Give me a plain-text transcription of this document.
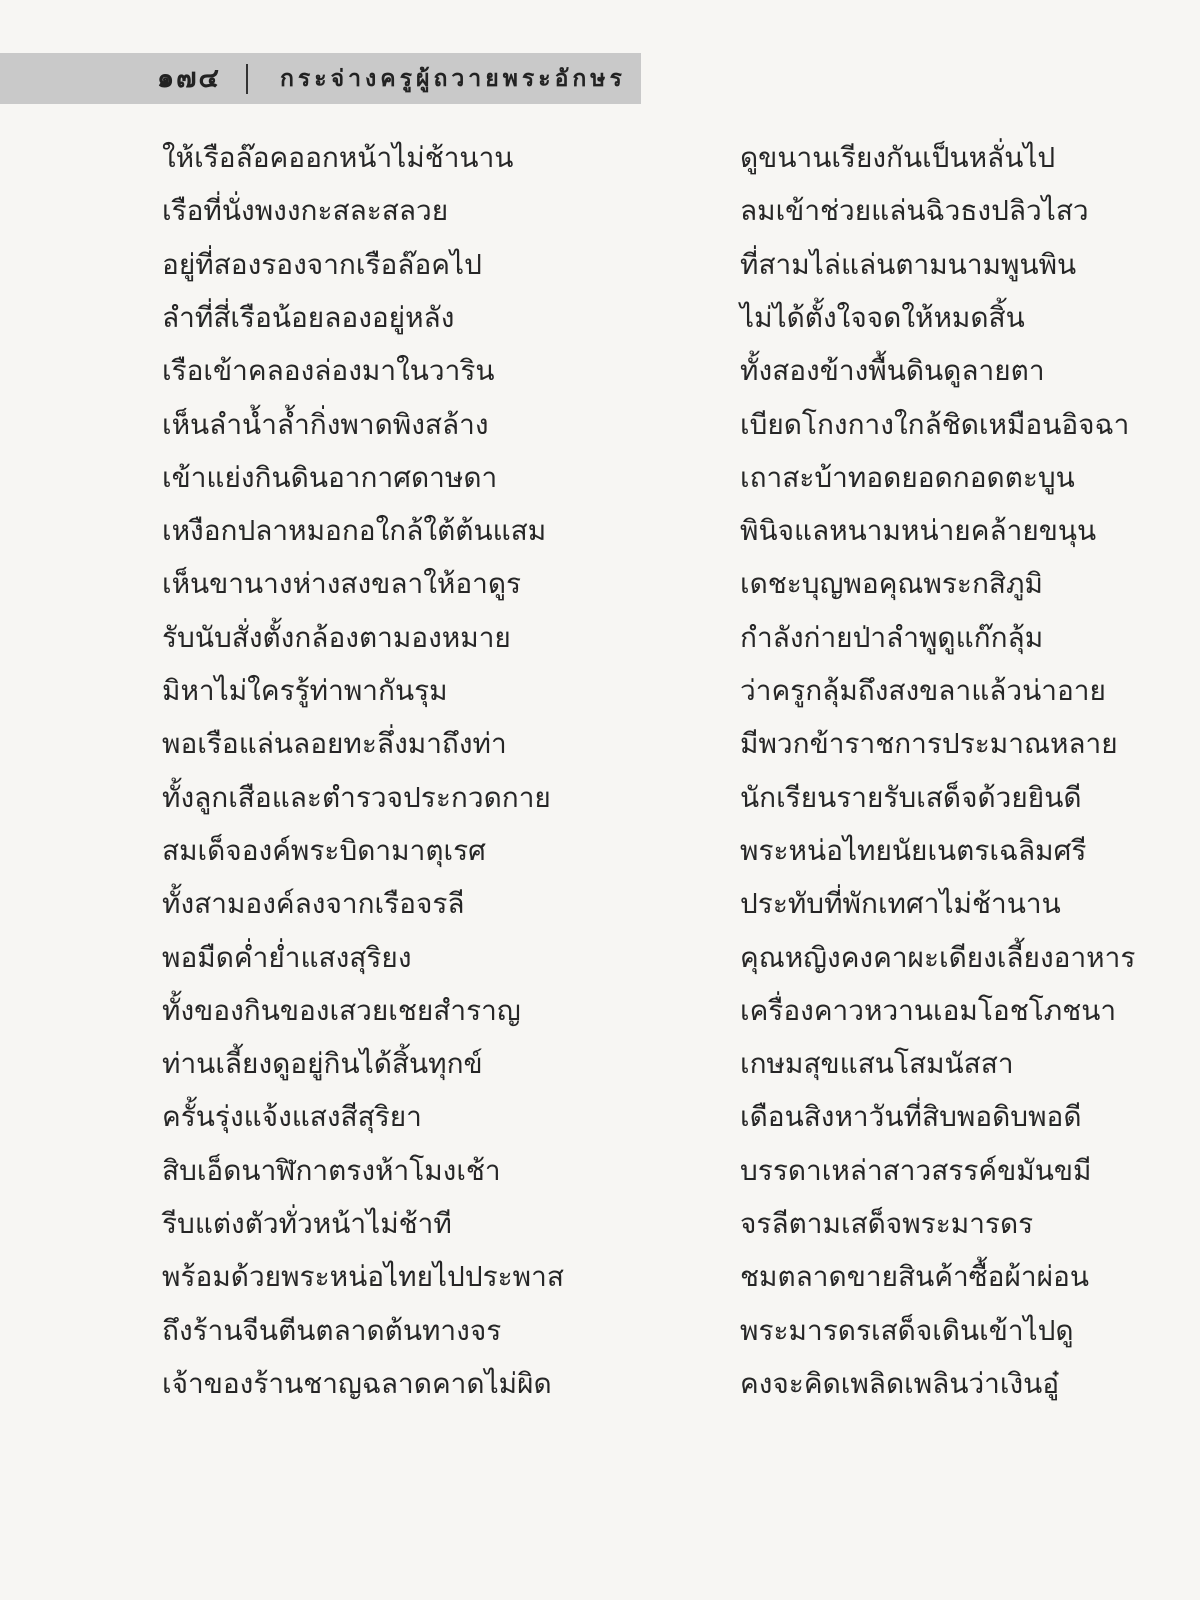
๑๗๔	กระจ่างครูผู้ถวายพระอักษร
ให้เรือล๊อคออกหน้าไม่ช้านาน	ดูขนานเรียงกันเป็นหลั่นไป
เรือที่นั่งพงงกะสละสลวย	ลมเข้าช่วยแล่นฉิวธงปลิวไสว
อยู่ที่สองรองจากเรือล๊อคไป	ที่สามไล่แล่นตามนามพูนพิน
ลำที่สี่เรือน้อยลองอยู่หลัง	ไม่ได้ตั้งใจจดให้หมดสิ้น
เรือเข้าคลองล่องมาในวาริน	ทั้งสองข้างพื้นดินดูลายตา
เห็นลำน้ำล้ำกิ่งพาดพิงสล้าง	เบียดโกงกางใกล้ชิดเหมือนอิจฉา
เข้าแย่งกินดินอากาศดาษดา	เถาสะบ้าทอดยอดกอดตะบูน
เหงือกปลาหมอกอใกล้ใต้ต้นแสม	พินิจแลหนามหน่ายคล้ายขนุน
เห็นขานางห่างสงขลาให้อาดูร	เดชะบุญพอคุณพระกสิภูมิ
รับนับสั่งตั้งกล้องตามองหมาย	กำลังก่ายป่าลำพูดูแก๊กลุ้ม
มิหาไม่ใครรู้ท่าพากันรุม	ว่าครูกลุ้มถึงสงขลาแล้วน่าอาย
พอเรือแล่นลอยทะลึ่งมาถึงท่า	มีพวกข้าราชการประมาณหลาย
ทั้งลูกเสือและตำรวจประกวดกาย	นักเรียนรายรับเสด็จด้วยยินดี
สมเด็จองค์พระบิดามาตุเรศ	พระหน่อไทยนัยเนตรเฉลิมศรี
ทั้งสามองค์ลงจากเรือจรลี	ประทับที่พักเทศาไม่ช้านาน
พอมืดค่ำย่ำแสงสุริยง	คุณหญิงคงคาผะเดียงเลี้ยงอาหาร
ทั้งของกินของเสวยเชยสำราญ	เครื่องคาวหวานเอมโอชโภชนา
ท่านเลี้ยงดูอยู่กินได้สิ้นทุกข์	เกษมสุขแสนโสมนัสสา
ครั้นรุ่งแจ้งแสงสีสุริยา	เดือนสิงหาวันที่สิบพอดิบพอดี
สิบเอ็ดนาฬิกาตรงห้าโมงเช้า	บรรดาเหล่าสาวสรรค์ขมันขมี
รีบแต่งตัวทั่วหน้าไม่ช้าที	จรลีตามเสด็จพระมารดร
พร้อมด้วยพระหน่อไทยไปประพาส	ชมตลาดขายสินค้าซื้อผ้าผ่อน
ถึงร้านจีนตีนตลาดต้นทางจร	พระมารดรเสด็จเดินเข้าไปดู
เจ้าของร้านชาญฉลาดคาดไม่ผิด	คงจะคิดเพลิดเพลินว่าเงินอู๋
